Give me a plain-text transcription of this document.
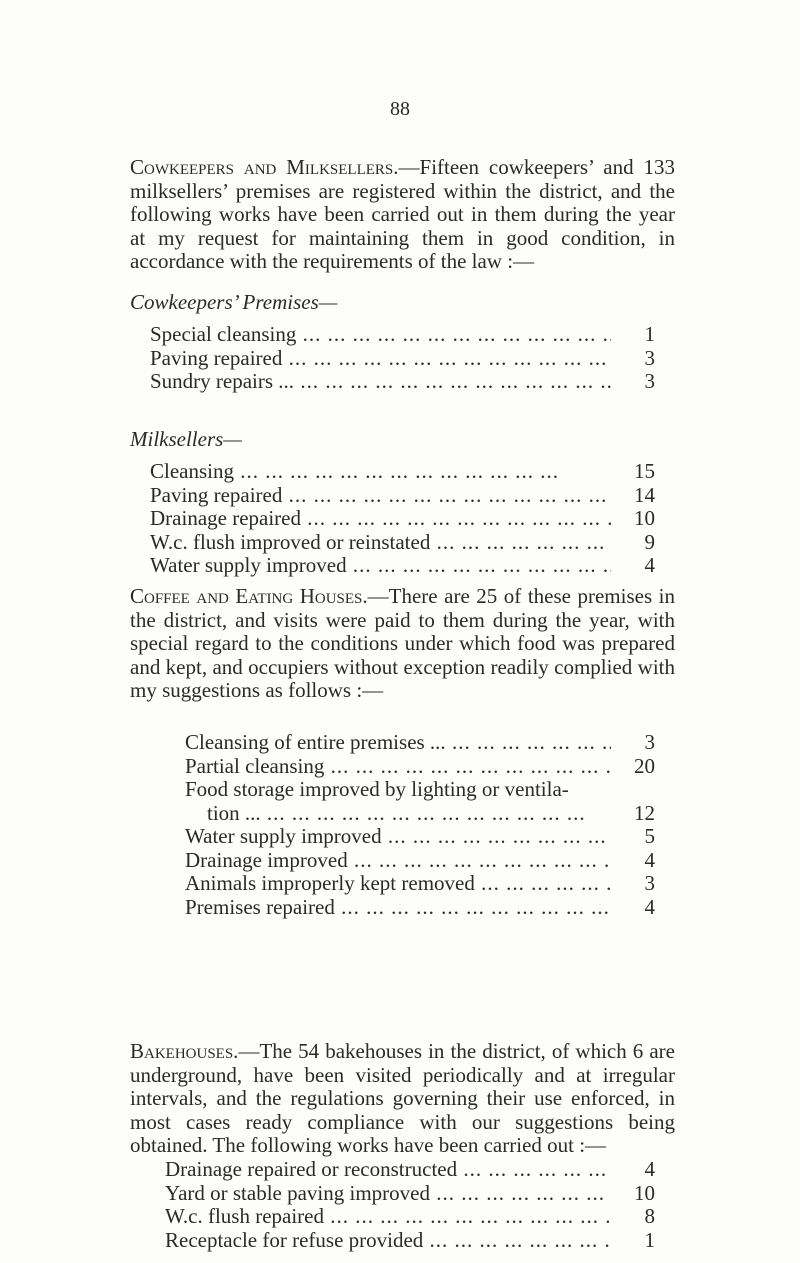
88

Cowkeepers and Milksellers.—Fifteen cowkeepers’ and 133 milksellers’ premises are registered within the district, and the following works have been carried out in them during the year at my request for maintaining them in good condition, in accordance with the requirements of the law :—

Cowkeepers’ Premises—

Special cleansing ... .	1
Paving repaired ... .	3
Sundry repairs ... ... .	3

Milksellers—

Cleansing ... .	15
Paving repaired ... .	14
Drainage repaired ... .	10
W.c. flush improved or reinstated ... .	9
Water supply improved ... .	4

Coffee and Eating Houses.—There are 25 of these premises in the district, and visits were paid to them during the year, with special regard to the conditions under which food was prepared and kept, and occupiers without exception readily complied with my suggestions as follows :—

Cleansing of entire premises ... ... .	3
Partial cleansing ... .	20
Food storage improved by lighting or ventila-
tion ... ... .	12
Water supply improved ... .	5
Drainage improved ... .	4
Animals improperly kept removed ... .	3
Premises repaired ... .	4

Bakehouses.—The 54 bakehouses in the district, of which 6 are underground, have been visited periodically and at irregular intervals, and the regulations governing their use enforced, in most cases ready compliance with our suggestions being obtained. The following works have been carried out :—

Drainage repaired or reconstructed ... .	4
Yard or stable paving improved ... .	10
W.c. flush repaired ... .	8
Receptacle for refuse provided ... .	1
